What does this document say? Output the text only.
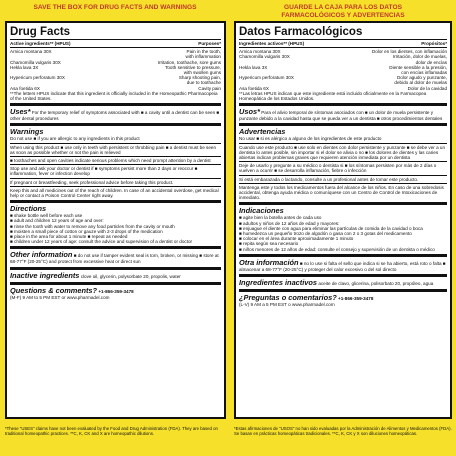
SAVE THE BOX FOR DRUG FACTS AND WARNINGS	GUARDE LA CAJA PARA LOS DATOS
FARMACOLÓGICOS Y ADVERTENCIAS
Drug Facts
Active ingredients** (HPUS)	Purposes*
Arnica montana 30X	Pain in the tooth,
with inflammation
Chamomilla vulgaris 30X	Irritation, toothache, sore gums
Hekla lava 3X	Tooth sensitive to pressure,
with swollen gums
Hypericum perforatum 30X	Sharp shooting pain,
due to toothache
Asa foetida 6X	Cavity pain
**The letters HPUS indicate that this ingredient is officially included in the Homeopathic Pharmacopeia of the United States.
Uses* For the temporary relief of symptoms associated with ■ a cavity until a dentist can be seen ■ other dental procedures
Warnings
Do not use ■ if you are allergic to any ingredients in this product
When using this product ■ use only in teeth with persistent or throbbing pain ■ a dentist must be seen as soon as possible whether or not the pain is relieved
■ toothaches and open cavities indicate serious problems which need prompt attention by a dentist
Stop use and ask your doctor or dentist if ■ symptoms persist more than 2 days or reoccur ■ inflammation, fever or infection develop
If pregnant or breastfeeding, seek professional advice before taking this product.
Keep this and all medicines out of the reach of children. In case of an accidental overdose, get medical help or contact a Poison Control Center right away.
Directions
■ shake bottle well before each use
■ adult and children 12 years of age and over:
■ rinse the tooth with water to remove any food particles from the cavity or mouth
■ moisten a small piece of cotton or gauze with 2-3 drops of the medication
■ place in the area for about 1 minute ■ repeat as needed
■ children under 12 years of age: consult the advice and supervision of a dentist or doctor
Other information ■ do not use if tamper evident seal is torn, broken, or missing ■ store at 68-77°F (20-25°C) and protect from excessive heat or direct sun
Inactive ingredients clove oil, glycerin, polysorbate 20, propolis, water
Questions & comments? +1-866-359-3478
(M-F) 9 AM to 5 PM EST or www.pharmadel.com
Datos Farmacológicos
Ingredientes activos** (HPUS)	Propósitos*
Arnica montana 30X	Dolor en los dientes, con inflamación
Chamomilla vulgaris 30X	Irritación, dolor de muelas,
dolor de encías
Hekla lava 3X	Diente sensible a la presión,
con encías inflamadas
Hypericum perforatum 30X	Dolor agudo y punzante,
debido al dolor de muelas
Asa foetida 6X	Dolor de la cavidad
**Las letras HPUS indican que este ingrediente está incluido oficialmente en la Farmacopea Homeopática de los Estados Unidos.
Usos* Para el alivio temporal de síntomas asociados con ■ un dolor de muela persistente y punzante debido a la cavidad hasta que se pueda ver a un dentista ■ otros procedimientos dentales
Advertencias
No usar ■ si es alérgico a alguno de los ingredientes de este producto
Cuando use este producto ■ use solo en dientes con dolor persistente y punzante ■ se debe ver a un dentista lo antes posible, sin importar si el dolor se alivia o no ■ los dolores de dientes y las caries abiertas indican problemas graves que requieren atención inmediata por un dentista
Deje de usarlo y pregunte a su médico o dentista si ■ los síntomas persisten por más de 2 días o vuelven a ocurrir ■ se desarrolla inflamación, fiebre o infección
Si está embarazada o lactando, consulte a un profesional antes de tomar este producto.
Mantenga este y todos los medicamentos fuera del alcance de los niños. En caso de una sobredosis accidental, obtenga ayuda médica o comuníquese con un Centro de Control de Intoxicaciones de inmediato.
Indicaciones
■ agite bien la botella antes de cada uso
■ adultos y niños de 12 años de edad y mayores:
■ enjuague el diente con agua para eliminar las partículas de comida de la cavidad o boca
■ humedezca un pequeño trozo de algodón o gasa con 2 o 3 gotas del medicamento
■ colocar en el área durante aproximadamente 1 minuto
■ repita según sea necesario
■ niños menores de 12 años de edad: consulte el consejo y supervisión de un dentista o médico
Otra información ■ no lo use si falta el sello que indica si se ha abierto, está roto o falta ■ almacenar a 68-77°F (20-25°C) y proteger del calor excesivo o del sol directo
Ingredientes inactivos aceite de clavo, glicerina, polisorbato 20, propóleo, agua
¿Preguntas o comentarios? +1-866-359-3478
(L-V) 9 AM a 5 PM EST o www.pharmadel.com
*These "USES" claims have not been evaluated by the Food and Drug Administration (FDA). They are based on traditional homeopathic practices. **C, K, CK and X are homeopathic dilutions.
*Estas afirmaciones de "USOS" no han sido evaluadas por la Administración de Alimentos y Medicamentos (FDA). Se basan en prácticas homeopáticas tradicionales. **C, K, CK y X son diluciones homeopáticas.
